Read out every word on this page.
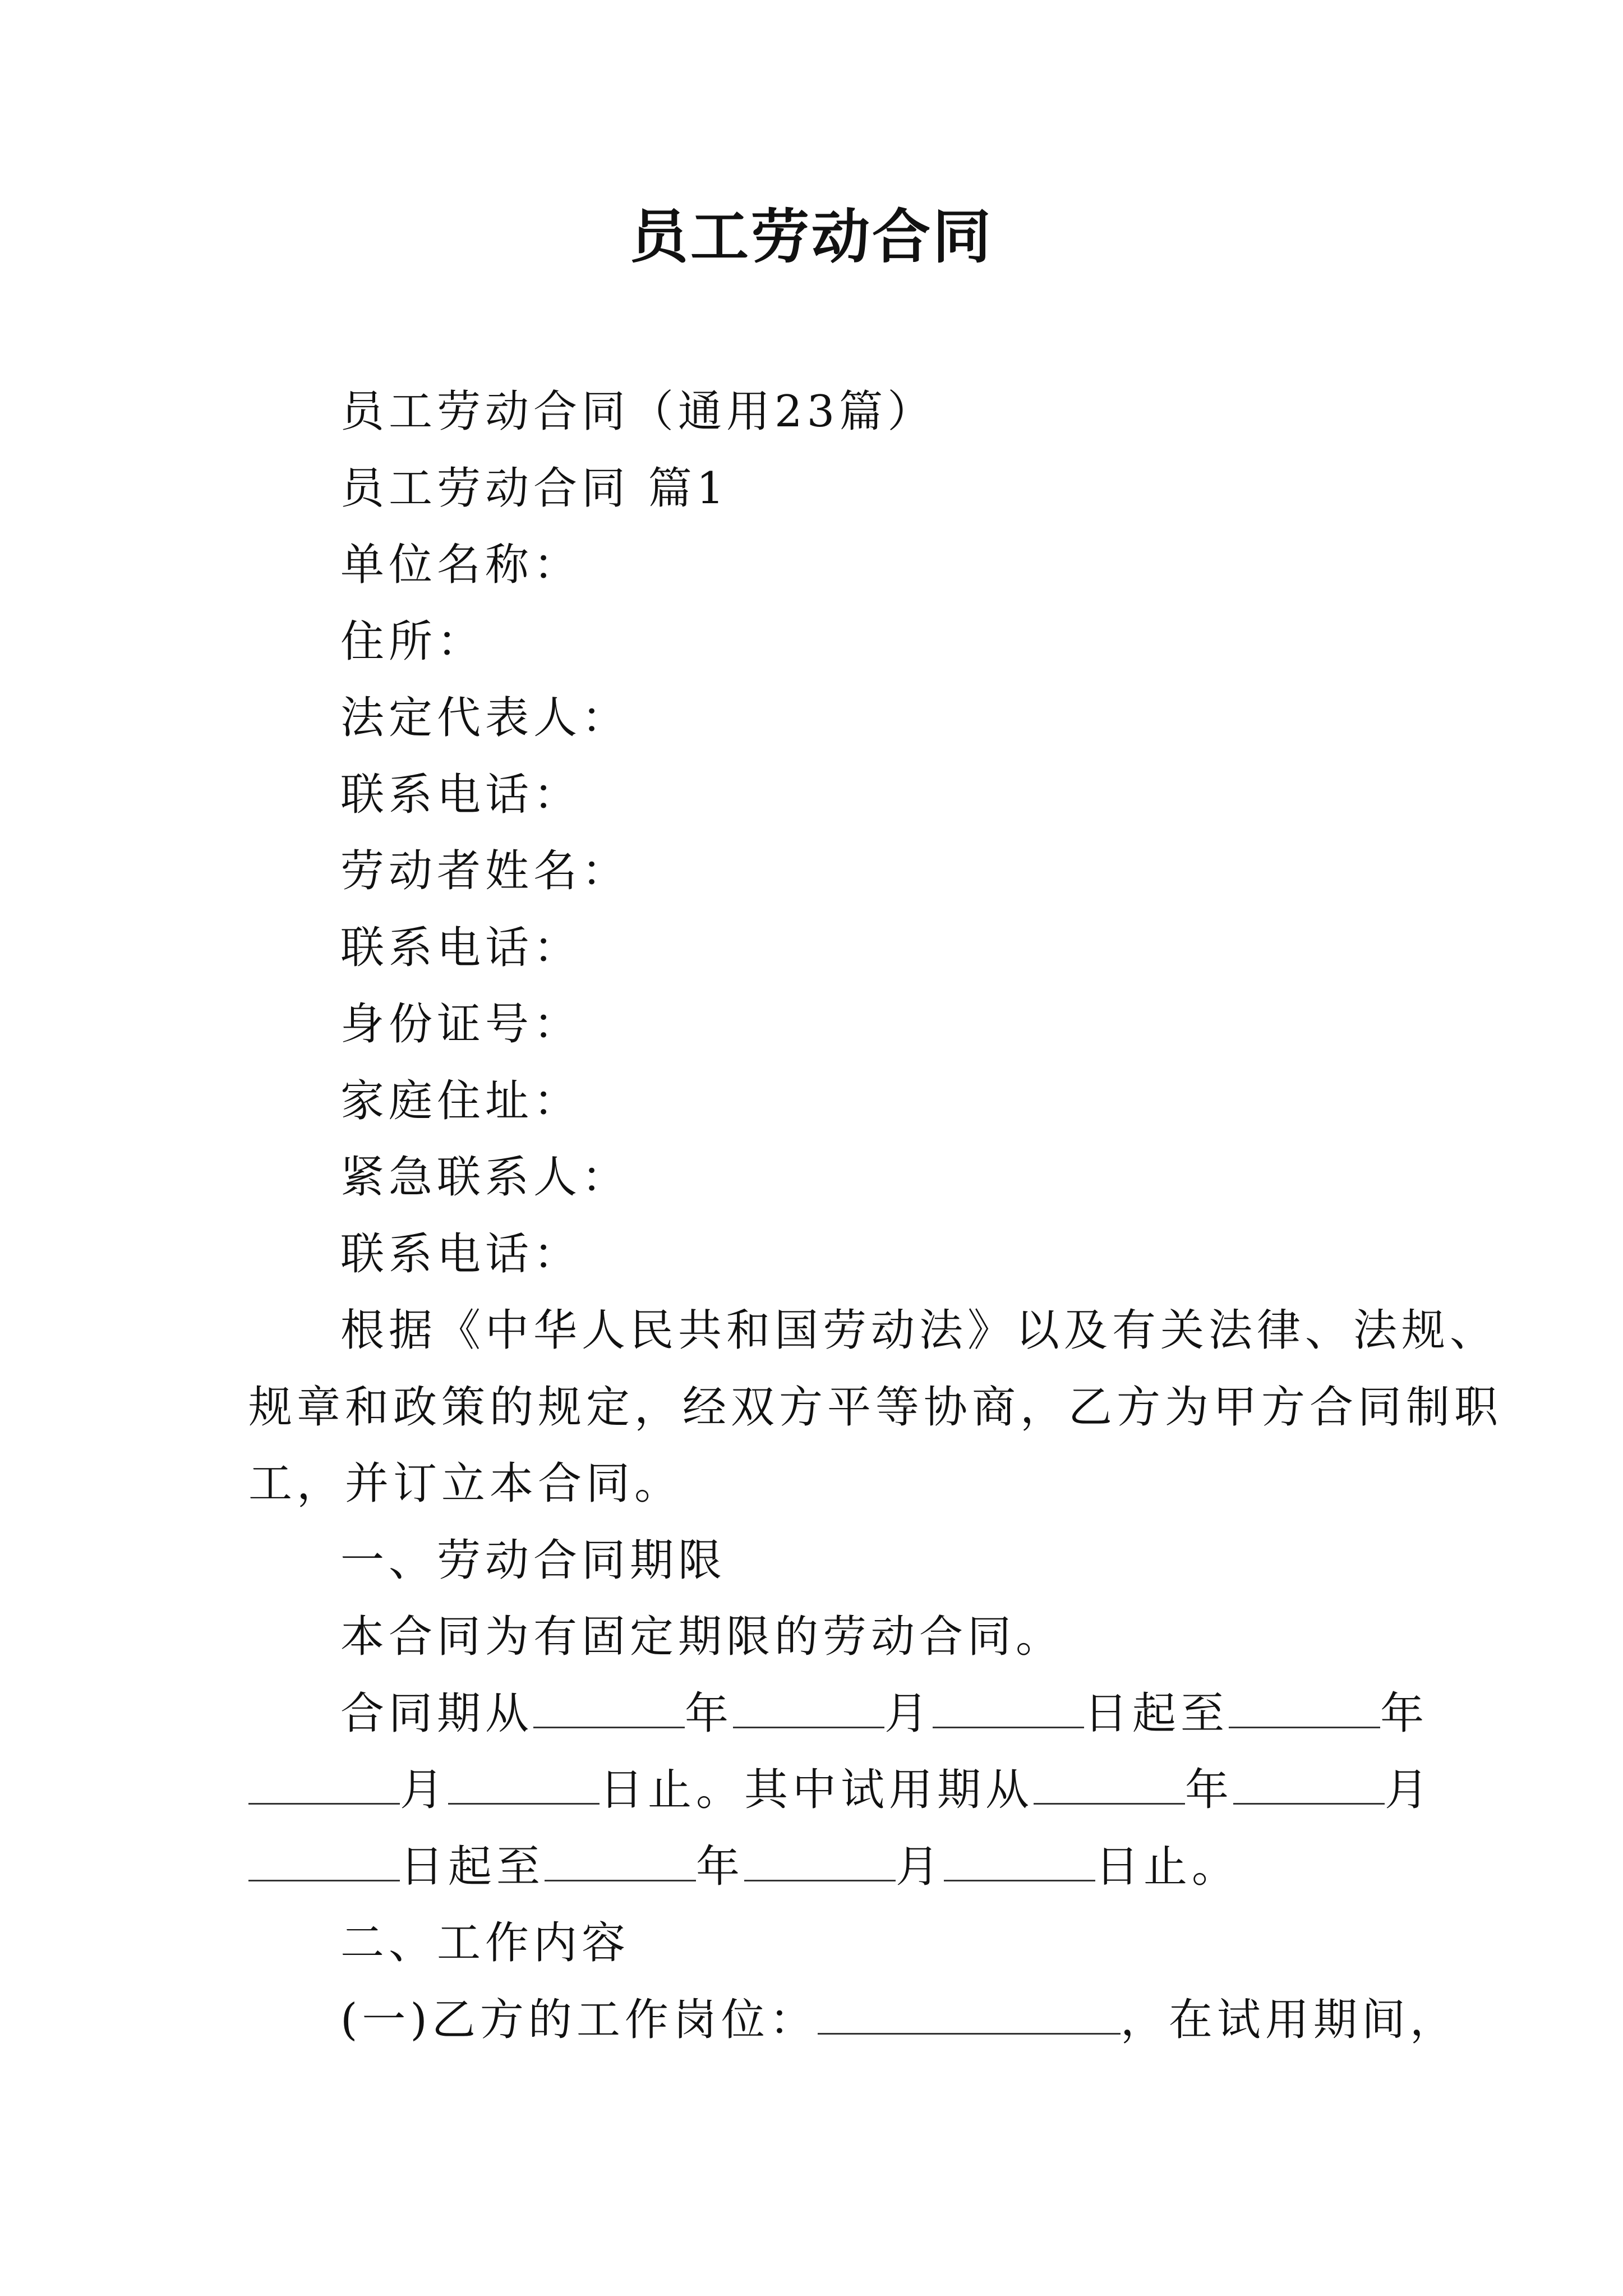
员工劳动合同

员工劳动合同（通用23篇）

员工劳动合同 篇1

单位名称：

住所：

法定代表人：

联系电话：

劳动者姓名：

联系电话：

身份证号：

家庭住址：

紧急联系人：

联系电话：

根据《中华人民共和国劳动法》以及有关法律、法规、

规章和政策的规定，经双方平等协商，乙方为甲方合同制职

工，并订立本合同。

一、劳动合同期限

本合同为有固定期限的劳动合同。

合同期从	年	月	日起至	年

月	日止。其中试用期从	年	月

日起至	年	月	日止。

二、工作内容

(一)乙方的工作岗位：	，在试用期间，
